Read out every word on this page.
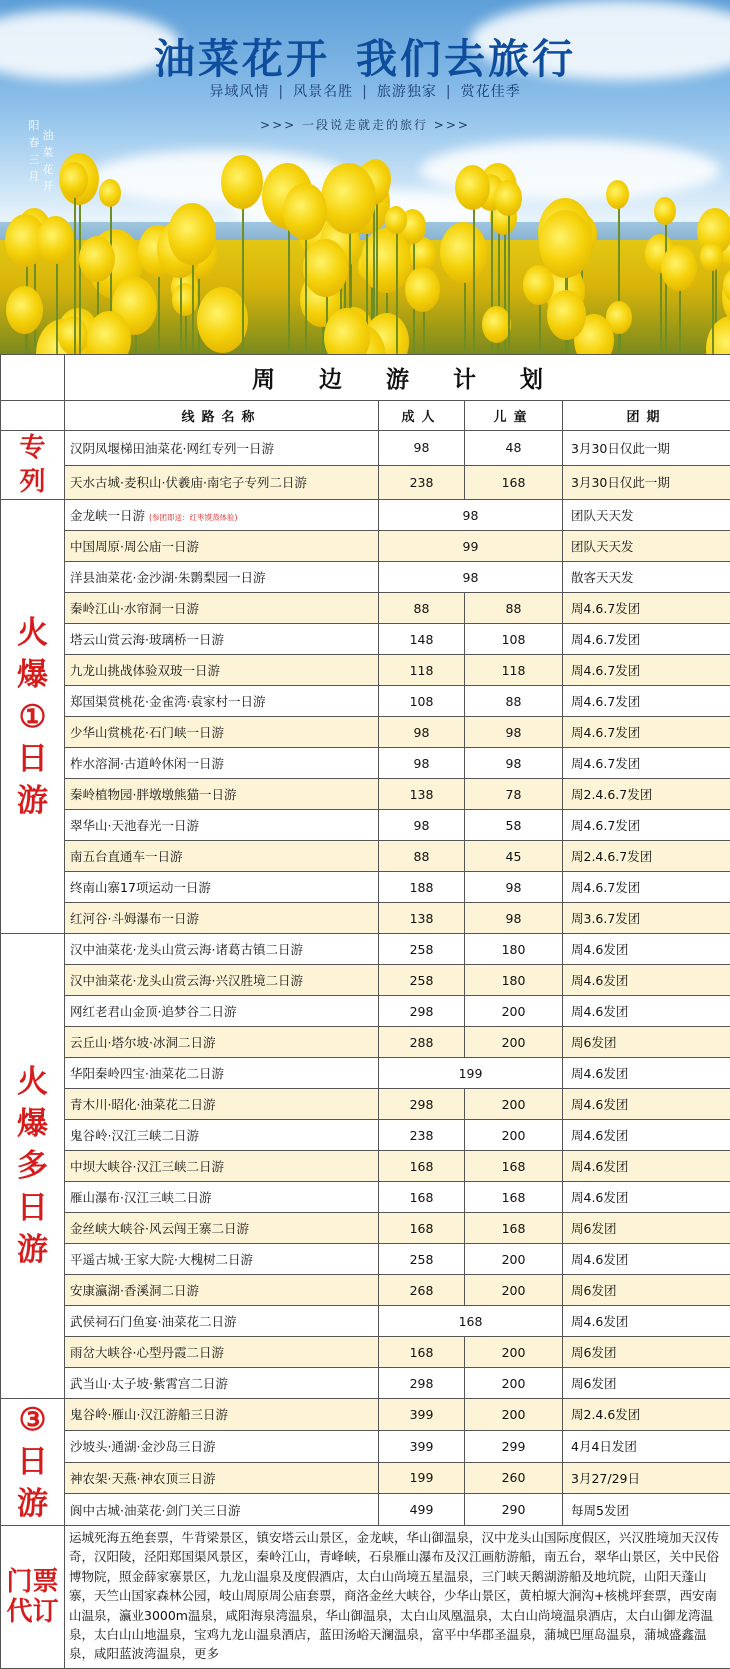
油菜花开 我们去旅行
异域风情 | 风景名胜 | 旅游独家 | 赏花佳季
>>> 一段说走就走的旅行 >>>
阳
春
三
月
油
菜
花
开
	周边游计划			
	线路名称	成人	儿童	团期

专
列	汉阴凤堰梯田油菜花·网红专列一日游	98	48	3月30日仅此一期
	天水古城·麦积山·伏羲庙·南宅子专列二日游	238	168	3月30日仅此一期

火
爆
①
日
游	金龙峡一日游 (参团即送：红枣馍蒸体验)	98		团队天天发
	中国周原·周公庙一日游	99		团队天天发
	洋县油菜花·金沙湖·朱鹮梨园一日游	98		散客天天发
	秦岭江山·水帘洞一日游	88	88	周4.6.7发团
	塔云山赏云海·玻璃桥一日游	148	108	周4.6.7发团
	九龙山挑战体验双玻一日游	118	118	周4.6.7发团
	郑国渠赏桃花·金雀湾·袁家村一日游	108	88	周4.6.7发团
	少华山赏桃花·石门峡一日游	98	98	周4.6.7发团
	柞水溶洞·古道岭休闲一日游	98	98	周4.6.7发团
	秦岭植物园·胖墩墩熊猫一日游	138	78	周2.4.6.7发团
	翠华山·天池春光一日游	98	58	周4.6.7发团
	南五台直通车一日游	88	45	周2.4.6.7发团
	终南山寨17项运动一日游	188	98	周4.6.7发团
	红河谷·斗姆瀑布一日游	138	98	周3.6.7发团

火
爆
多
日
游	汉中油菜花·龙头山赏云海·诸葛古镇二日游	258	180	周4.6发团
	汉中油菜花·龙头山赏云海·兴汉胜境二日游	258	180	周4.6发团
	网红老君山金顶·追梦谷二日游	298	200	周4.6发团
	云丘山·塔尔坡·冰洞二日游	288	200	周6发团
	华阳秦岭四宝·油菜花二日游	199		周4.6发团
	青木川·昭化·油菜花二日游	298	200	周4.6发团
	鬼谷岭·汉江三峡二日游	238	200	周4.6发团
	中坝大峡谷·汉江三峡二日游	168	168	周4.6发团
	雁山瀑布·汉江三峡二日游	168	168	周4.6发团
	金丝峡大峡谷·风云闯王寨二日游	168	168	周6发团
	平遥古城·王家大院·大槐树二日游	258	200	周4.6发团
	安康瀛湖·香溪洞二日游	268	200	周6发团
	武侯祠石门鱼宴·油菜花二日游	168		周4.6发团
	雨岔大峡谷·心型丹霞二日游	168	200	周6发团
	武当山·太子坡·紫霄宫二日游	298	200	周6发团

③
日
游	鬼谷岭·雁山·汉江游船三日游	399	200	周2.4.6发团
	沙坡头·通湖·金沙岛三日游	399	299	4月4日发团
	神农架·天燕·神农顶三日游	199	260	3月27/29日
	阆中古城·油菜花·剑门关三日游	499	290	每周5发团
门票代订	运城死海五绝套票，牛背梁景区，镇安塔云山景区，金龙峡，华山御温泉，汉中龙头山国际度假区，兴汉胜境加天汉传奇，汉阳陵，泾阳郑国渠风景区，秦岭江山，青峰峡，石泉雁山瀑布及汉江画舫游船，南五台，翠华山景区，关中民俗博物院，照金薛家寨景区，九龙山温泉及度假酒店，太白山尚境五星温泉，三门峡天鹅湖游船及地坑院，山阳天蓬山寨，天竺山国家森林公园，岐山周原周公庙套票，商洛金丝大峡谷，少华山景区，黄柏塬大涧沟+核桃坪套票，西安南山温泉，瀛业3000m温泉，咸阳海泉湾温泉，华山御温泉，太白山凤凰温泉，太白山尚境温泉酒店，太白山御龙湾温泉，太白山山地温泉，宝鸡九龙山温泉酒店，蓝田汤峪天澜温泉，富平中华郡圣温泉，蒲城巴厘岛温泉，蒲城盛鑫温泉，咸阳蓝波湾温泉，更多			
